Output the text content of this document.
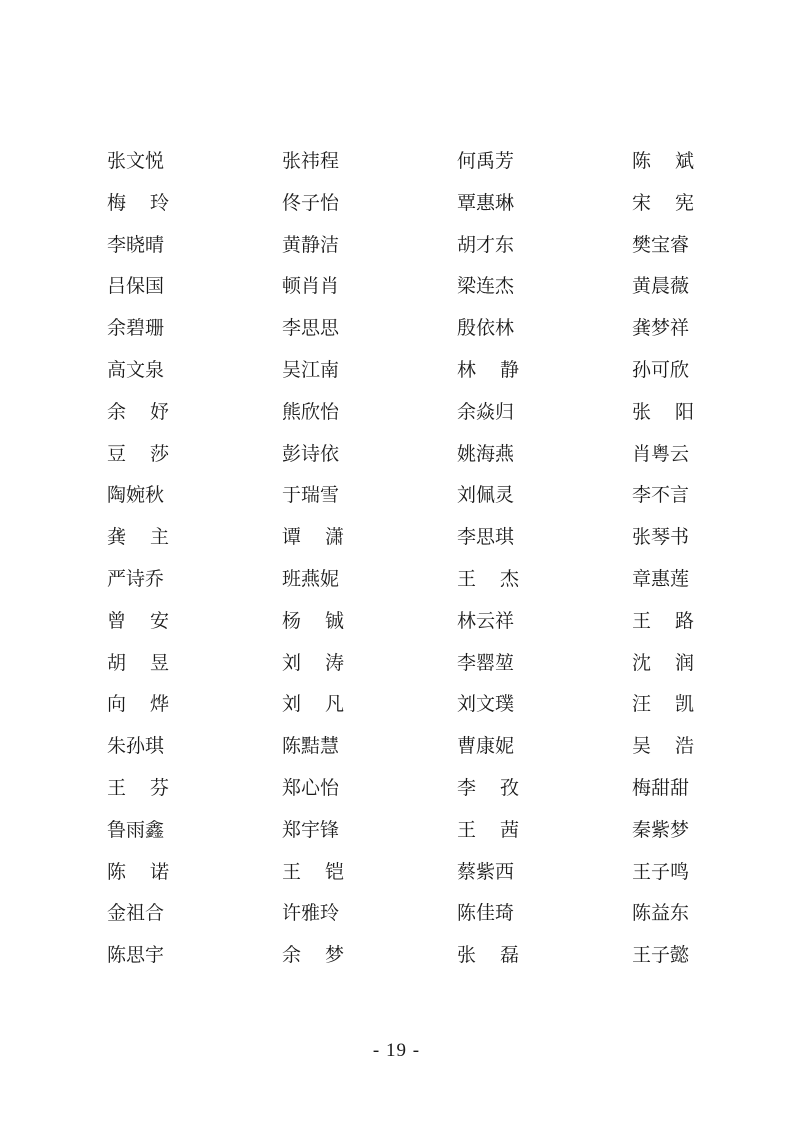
张文悦	张祎程	何禹芳	陈 斌
梅 玲	佟子怡	覃惠琳	宋 宪
李晓晴	黄静洁	胡才东	樊宝睿
吕保国	顿肖肖	梁连杰	黄晨薇
余碧珊	李思思	殷依林	龚梦祥
高文泉	吴江南	林 静	孙可欣
余 妤	熊欣怡	余焱归	张 阳
豆 莎	彭诗依	姚海燕	肖粤云
陶婉秋	于瑞雪	刘佩灵	李不言
龚 主	谭 潇	李思琪	张琴书
严诗乔	班燕妮	王 杰	章惠莲
曾 安	杨 铖	林云祥	王 路
胡 昱	刘 涛	李罂堃	沈 润
向 烨	刘 凡	刘文璞	汪 凯
朱孙琪	陈黠慧	曹康妮	吴 浩
王 芬	郑心怡	李 孜	梅甜甜
鲁雨鑫	郑宇锋	王 茜	秦紫梦
陈 诺	王 铠	蔡紫西	王子鸣
金祖合	许雅玲	陈佳琦	陈益东
陈思宇	余 梦	张 磊	王子懿
- 19 -
